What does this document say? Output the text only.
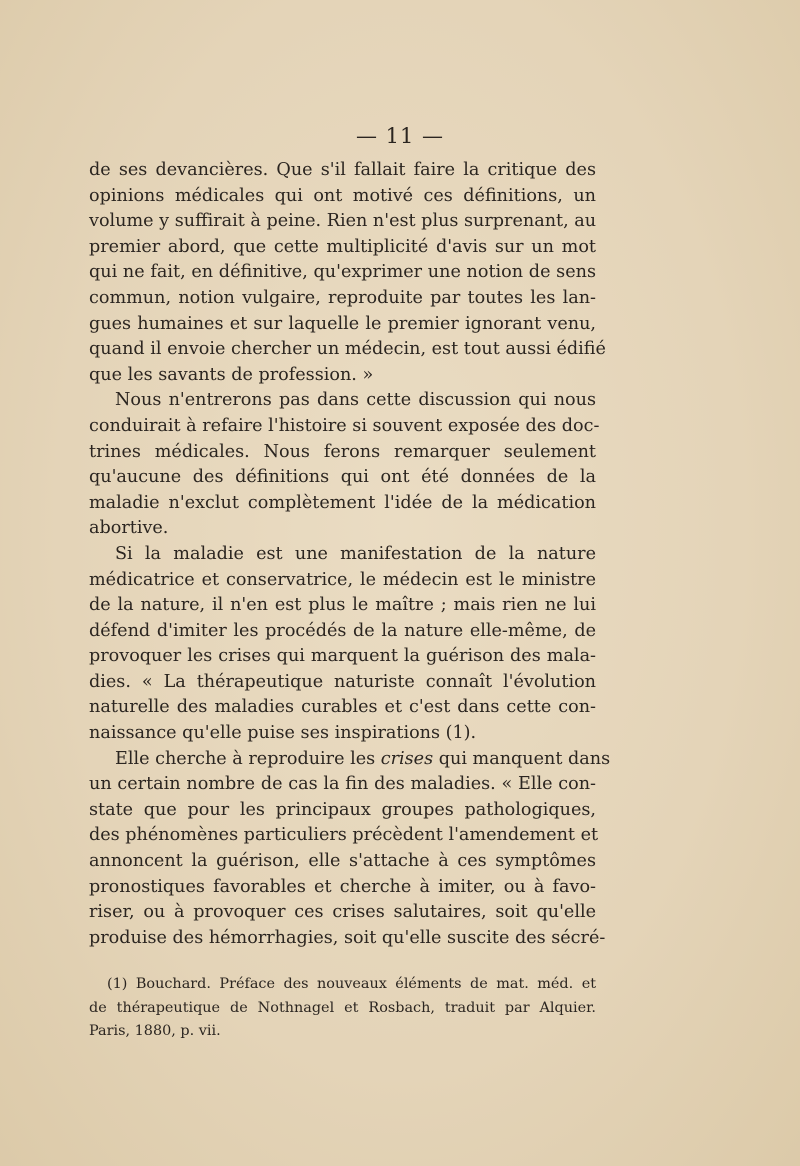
— 11 —
de ses devancières. Que s'il fallait faire la critique des
opinions médicales qui ont motivé ces définitions, un
volume y suffirait à peine. Rien n'est plus surprenant, au
premier abord, que cette multiplicité d'avis sur un mot
qui ne fait, en définitive, qu'exprimer une notion de sens
commun, notion vulgaire, reproduite par toutes les lan-
gues humaines et sur laquelle le premier ignorant venu,
quand il envoie chercher un médecin, est tout aussi édifié
que les savants de profession. »
Nous n'entrerons pas dans cette discussion qui nous
conduirait à refaire l'histoire si souvent exposée des doc-
trines médicales. Nous ferons remarquer seulement
qu'aucune des définitions qui ont été données de la
maladie n'exclut complètement l'idée de la médication
abortive.
Si la maladie est une manifestation de la nature
médicatrice et conservatrice, le médecin est le ministre
de la nature, il n'en est plus le maître ; mais rien ne lui
défend d'imiter les procédés de la nature elle-même, de
provoquer les crises qui marquent la guérison des mala-
dies. « La thérapeutique naturiste connaît l'évolution
naturelle des maladies curables et c'est dans cette con-
naissance qu'elle puise ses inspirations (1).
Elle cherche à reproduire les crises qui manquent dans
un certain nombre de cas la fin des maladies. « Elle con-
state que pour les principaux groupes pathologiques,
des phénomènes particuliers précèdent l'amendement et
annoncent la guérison, elle s'attache à ces symptômes
pronostiques favorables et cherche à imiter, ou à favo-
riser, ou à provoquer ces crises salutaires, soit qu'elle
produise des hémorrhagies, soit qu'elle suscite des sécré-
(1) Bouchard. Préface des nouveaux éléments de mat. méd. et
de thérapeutique de Nothnagel et Rosbach, traduit par Alquier.
Paris, 1880, p. vii.
